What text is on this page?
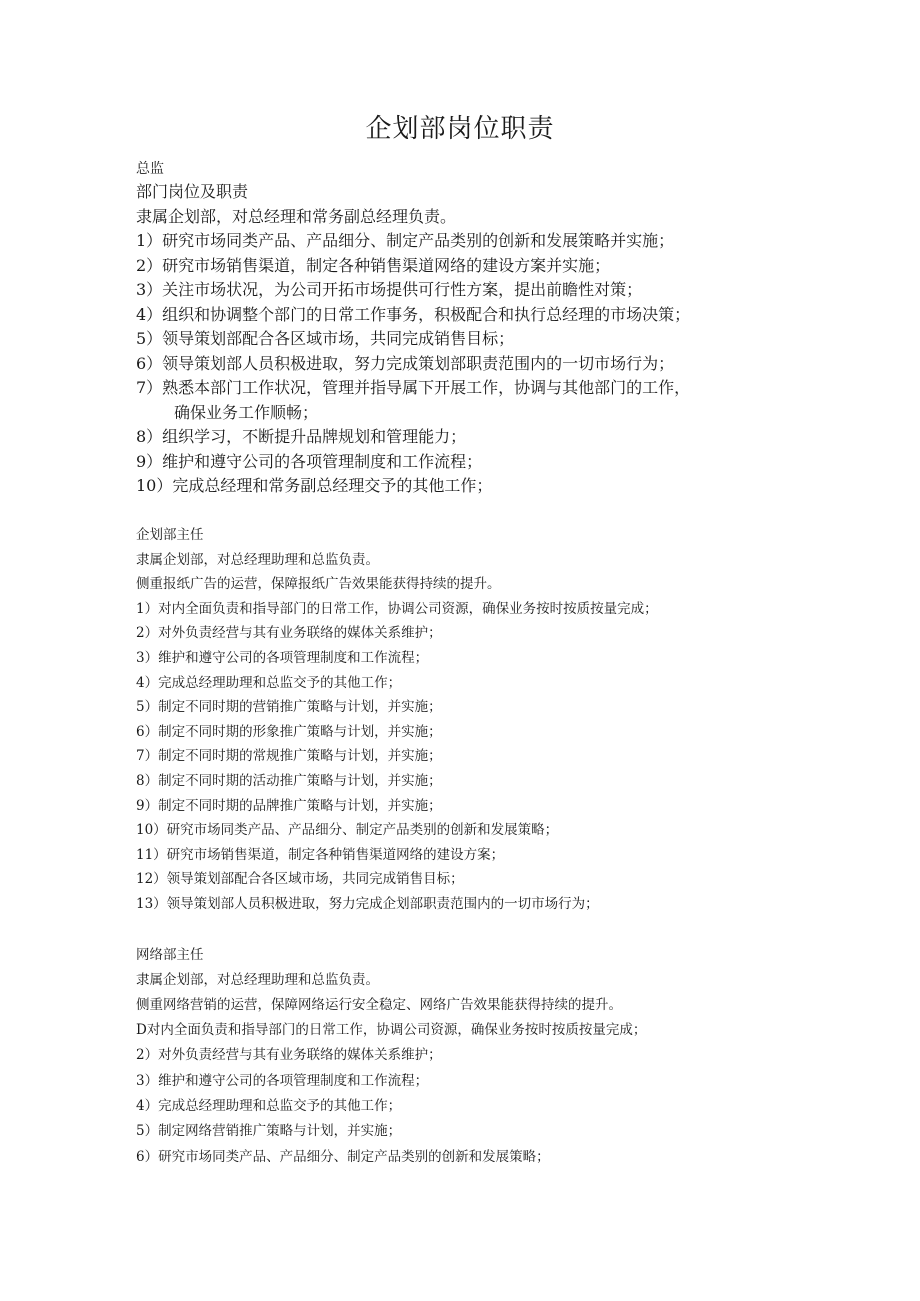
企划部岗位职责

总监

部门岗位及职责

隶属企划部，对总经理和常务副总经理负责。

1）研究市场同类产品、产品细分、制定产品类别的创新和发展策略并实施；

2）研究市场销售渠道，制定各种销售渠道网络的建设方案并实施；

3）关注市场状况，为公司开拓市场提供可行性方案，提出前瞻性对策；

4）组织和协调整个部门的日常工作事务，积极配合和执行总经理的市场决策；

5）领导策划部配合各区域市场，共同完成销售目标；

6）领导策划部人员积极进取，努力完成策划部职责范围内的一切市场行为；

7）熟悉本部门工作状况，管理并指导属下开展工作，协调与其他部门的工作，

确保业务工作顺畅；

8）组织学习，不断提升品牌规划和管理能力；

9）维护和遵守公司的各项管理制度和工作流程；

10）完成总经理和常务副总经理交予的其他工作；

企划部主任

隶属企划部，对总经理助理和总监负责。

侧重报纸广告的运营，保障报纸广告效果能获得持续的提升。

1）对内全面负责和指导部门的日常工作，协调公司资源，确保业务按时按质按量完成；

2）对外负责经营与其有业务联络的媒体关系维护；

3）维护和遵守公司的各项管理制度和工作流程；

4）完成总经理助理和总监交予的其他工作；

5）制定不同时期的营销推广策略与计划，并实施；

6）制定不同时期的形象推广策略与计划，并实施；

7）制定不同时期的常规推广策略与计划，并实施；

8）制定不同时期的活动推广策略与计划，并实施；

9）制定不同时期的品牌推广策略与计划，并实施；

10）研究市场同类产品、产品细分、制定产品类别的创新和发展策略；

11）研究市场销售渠道，制定各种销售渠道网络的建设方案；

12）领导策划部配合各区域市场，共同完成销售目标；

13）领导策划部人员积极进取，努力完成企划部职责范围内的一切市场行为；

网络部主任

隶属企划部，对总经理助理和总监负责。

侧重网络营销的运营，保障网络运行安全稳定、网络广告效果能获得持续的提升。

D对内全面负责和指导部门的日常工作，协调公司资源，确保业务按时按质按量完成；

2）对外负责经营与其有业务联络的媒体关系维护；

3）维护和遵守公司的各项管理制度和工作流程；

4）完成总经理助理和总监交予的其他工作；

5）制定网络营销推广策略与计划，并实施；

6）研究市场同类产品、产品细分、制定产品类别的创新和发展策略；
